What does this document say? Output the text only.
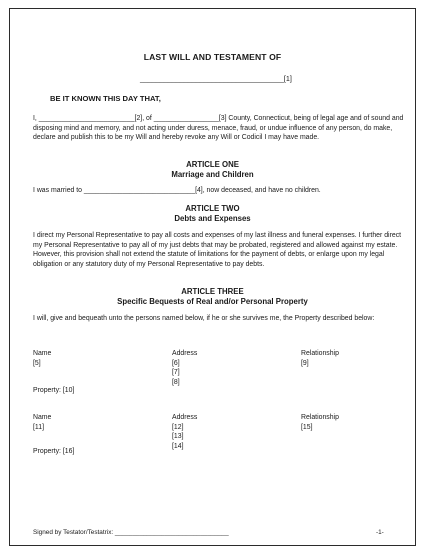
LAST WILL AND TESTAMENT OF
____________________________________[1]
BE IT KNOWN THIS DAY THAT,
I, _________________________[2], of _________________[3] County, Connecticut, being of legal age and of sound and disposing mind and memory, and not acting under duress, menace, fraud, or undue influence of any person, do make, declare and publish this to be my Will and hereby revoke any Will or Codicil I may have made.
ARTICLE ONE
Marriage and Children
I was married to _____________________________[4], now deceased, and have no children.
ARTICLE TWO
Debts and Expenses
I direct my Personal Representative to pay all costs and expenses of my last illness and funeral expenses. I further direct my Personal Representative to pay all of my just debts that may be probated, registered and allowed against my estate. However, this provision shall not extend the statute of limitations for the payment of debts, or enlarge upon my legal obligation or any statutory duty of my Personal Representative to pay debts.
ARTICLE THREE
Specific Bequests of Real and/or Personal Property
I will, give and bequeath unto the persons named below, if he or she survives me, the Property described below:
Name
[5]
Address
[6]
[7]
[8]
Relationship
[9]
Property: [10]
Name
[11]
Address
[12]
[13]
[14]
Relationship
[15]
Property: [16]
Signed by Testator/Testatrix: ________________________________	-1-
